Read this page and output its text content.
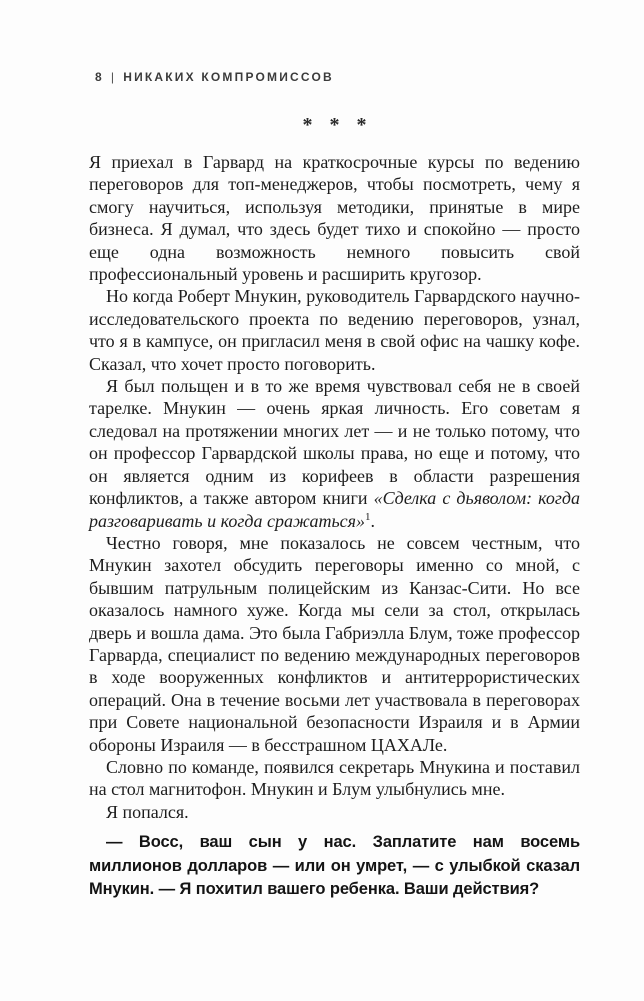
8 | НИКАКИХ КОМПРОМИССОВ
* * *

Я приехал в Гарвард на краткосрочные курсы по ведению переговоров для топ-менеджеров, чтобы посмотреть, чему я смогу научиться, используя методики, принятые в мире бизнеса. Я думал, что здесь будет тихо и спокойно — просто еще одна возможность немного повысить свой профессиональный уровень и расширить кругозор.

Но когда Роберт Мнукин, руководитель Гарвардского научно-исследовательского проекта по ведению переговоров, узнал, что я в кампусе, он пригласил меня в свой офис на чашку кофе. Сказал, что хочет просто поговорить.

Я был польщен и в то же время чувствовал себя не в своей тарелке. Мнукин — очень яркая личность. Его советам я следовал на протяжении многих лет — и не только потому, что он профессор Гарвардской школы права, но еще и потому, что он является одним из корифеев в области разрешения конфликтов, а также автором книги «Сделка с дьяволом: когда разговаривать и когда сражаться»$^1$.

Честно говоря, мне показалось не совсем честным, что Мнукин захотел обсудить переговоры именно со мной, с бывшим патрульным полицейским из Канзас-Сити. Но все оказалось намного хуже. Когда мы сели за стол, открылась дверь и вошла дама. Это была Габриэлла Блум, тоже профессор Гарварда, специалист по ведению международных переговоров в ходе вооруженных конфликтов и антитеррористических операций. Она в течение восьми лет участвовала в переговорах при Совете национальной безопасности Израиля и в Армии обороны Израиля — в бесстрашном ЦАХАЛе.

Словно по команде, появился секретарь Мнукина и поставил на стол магнитофон. Мнукин и Блум улыбнулись мне.

Я попался.

— Восс, ваш сын у нас. Заплатите нам восемь миллионов долларов — или он умрет, — с улыбкой сказал Мнукин. — Я похитил вашего ребенка. Ваши действия?
